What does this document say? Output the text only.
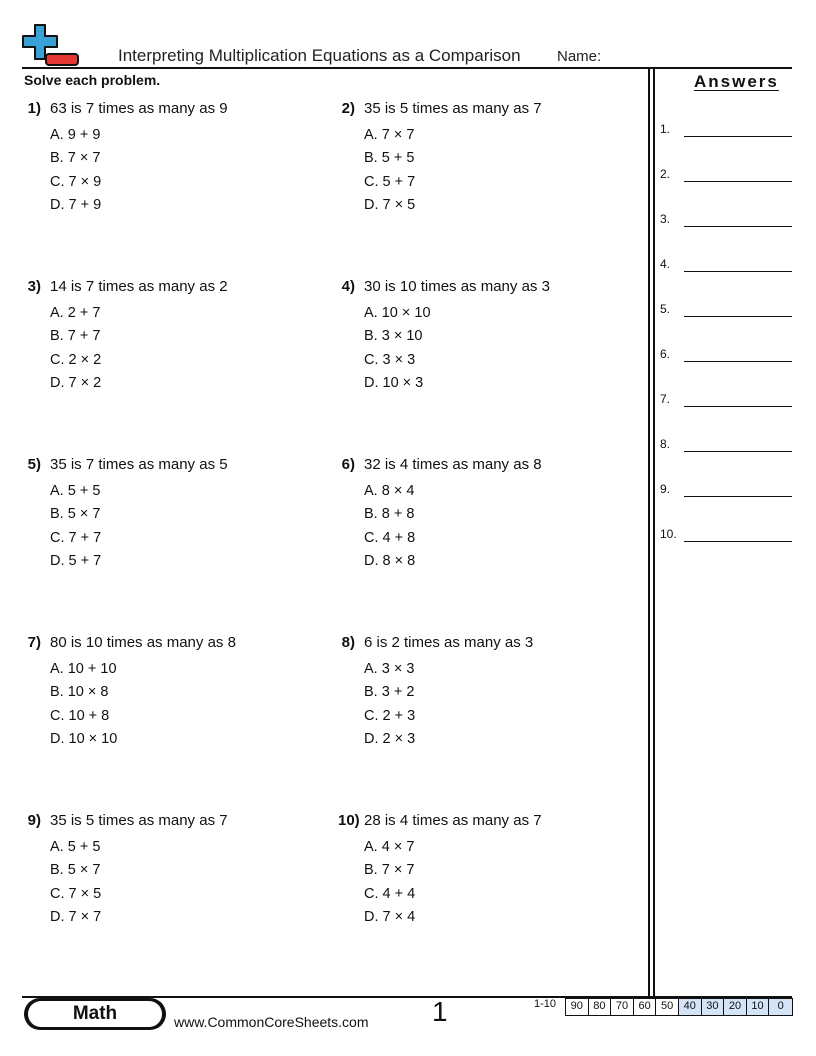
Interpreting Multiplication Equations as a Comparison Name:
Solve each problem.	Answers
1.
2.
3.
4.
5.
6.
7.
8.
9.
10.
1) 63 is 7 times as many as 9
A. 9 + 9
B. 7 × 7
C. 7 × 9
D. 7 + 9
2) 35 is 5 times as many as 7
A. 7 × 7
B. 5 + 5
C. 5 + 7
D. 7 × 5
3) 14 is 7 times as many as 2
A. 2 + 7
B. 7 + 7
C. 2 × 2
D. 7 × 2
4) 30 is 10 times as many as 3
A. 10 × 10
B. 3 × 10
C. 3 × 3
D. 10 × 3
5) 35 is 7 times as many as 5
A. 5 + 5
B. 5 × 7
C. 7 + 7
D. 5 + 7
6) 32 is 4 times as many as 8
A. 8 × 4
B. 8 + 8
C. 4 + 8
D. 8 × 8
7) 80 is 10 times as many as 8
A. 10 + 10
B. 10 × 8
C. 10 + 8
D. 10 × 10
8) 6 is 2 times as many as 3
A. 3 × 3
B. 3 + 2
C. 2 + 3
D. 2 × 3
9) 35 is 5 times as many as 7
A. 5 + 5
B. 5 × 7
C. 7 × 5
D. 7 × 7
10) 28 is 4 times as many as 7
A. 4 × 7
B. 7 × 7
C. 4 + 4
D. 7 × 4
Math	www.CommonCoreSheets.com 1	1-10	90 80 70 60 50 40 30 20 10	0
